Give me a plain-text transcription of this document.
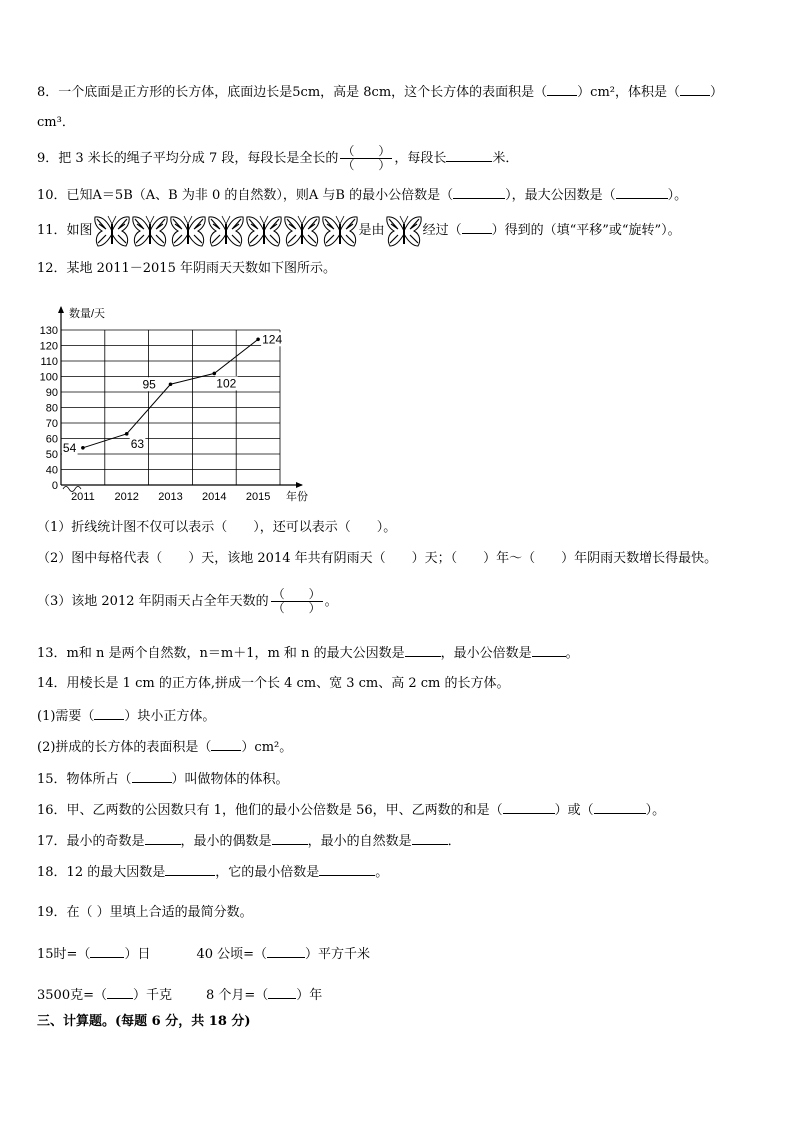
8．一个底面是正方形的长方体，底面边长是5cm，高是 8cm，这个长方体的表面积是（ ）cm²，体积是（ ）
cm³．
9．把 3 米长的绳子平均分成 7 段，每段长是全长的 $\frac{( )}{( )}$ ，每段长	米．
10．已知A＝5B（A、B 为非 0 的自然数），则A 与B 的最小公倍数是（	），最大公因数是（	）。
11．如图	是由	经过（ ）得到的（填“平移”或“旋转”）。
12．某地 2011－2015 年阴雨天天数如下图所示。
0
40
50
60
70
80
90
100
110
120
130
数量/天
2011 2012 2013 2014 2015 年份
54	63
95	102
124
（1）折线统计图不仅可以表示（　　），还可以表示（　　）。
（2）图中每格代表（　　）天，该地 2014 年共有阴雨天（　　）天；（　　）年～（　　）年阴雨天数增长得最快。
（3）该地 2012 年阴雨天占全年天数的 $\frac{( )}{( )}$ 。
13．m和 n 是两个自然数，n＝m＋1，m 和 n 的最大公因数是	，最小公倍数是	。
14．用棱长是 1 cm 的正方体,拼成一个长 4 cm、宽 3 cm、高 2 cm 的长方体。
(1)需要（ ）块小正方体。
(2)拼成的长方体的表面积是（ ）cm²。
15．物体所占（	）叫做物体的体积。
16．甲、乙两数的公因数只有 1，他们的最小公倍数是 56，甲、乙两数的和是（	）或（	）。
17．最小的奇数是	，最小的偶数是	，最小的自然数是	．
18．12 的最大因数是	，它的最小倍数是	。
19．在（ ）里填上合适的最简分数。
15时=（	）日	40 公顷=（	）平方千米
3500克=（ ）千克	8 个月=（ ）年
三、计算题。(每题 6 分，共 18 分)
